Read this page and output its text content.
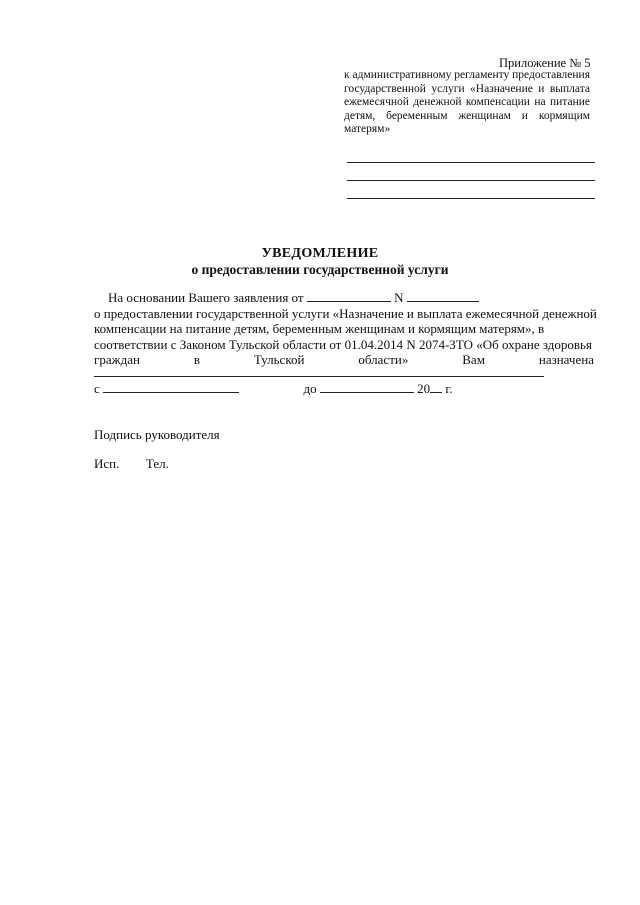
Приложение № 5
к административному регламенту предоставления государственной услуги «Назначение и выплата ежемесячной денежной компенсации на питание детям, беременным женщинам и кормящим матерям»
УВЕДОМЛЕНИЕ
о предоставлении государственной услуги
На основании Вашего заявления от	N
о предоставлении государственной услуги «Назначение и выплата ежемесячной денежной
компенсации на питание детям, беременным женщинам и кормящим матерям», в
соответствии с Законом Тульской области от 01.04.2014 N 2074-ЗТО «Об охране здоровья
граждан	в	Тульской	области»	Вам	назначена
с	до	20 г.
Подпись руководителя
Исп. Тел.
